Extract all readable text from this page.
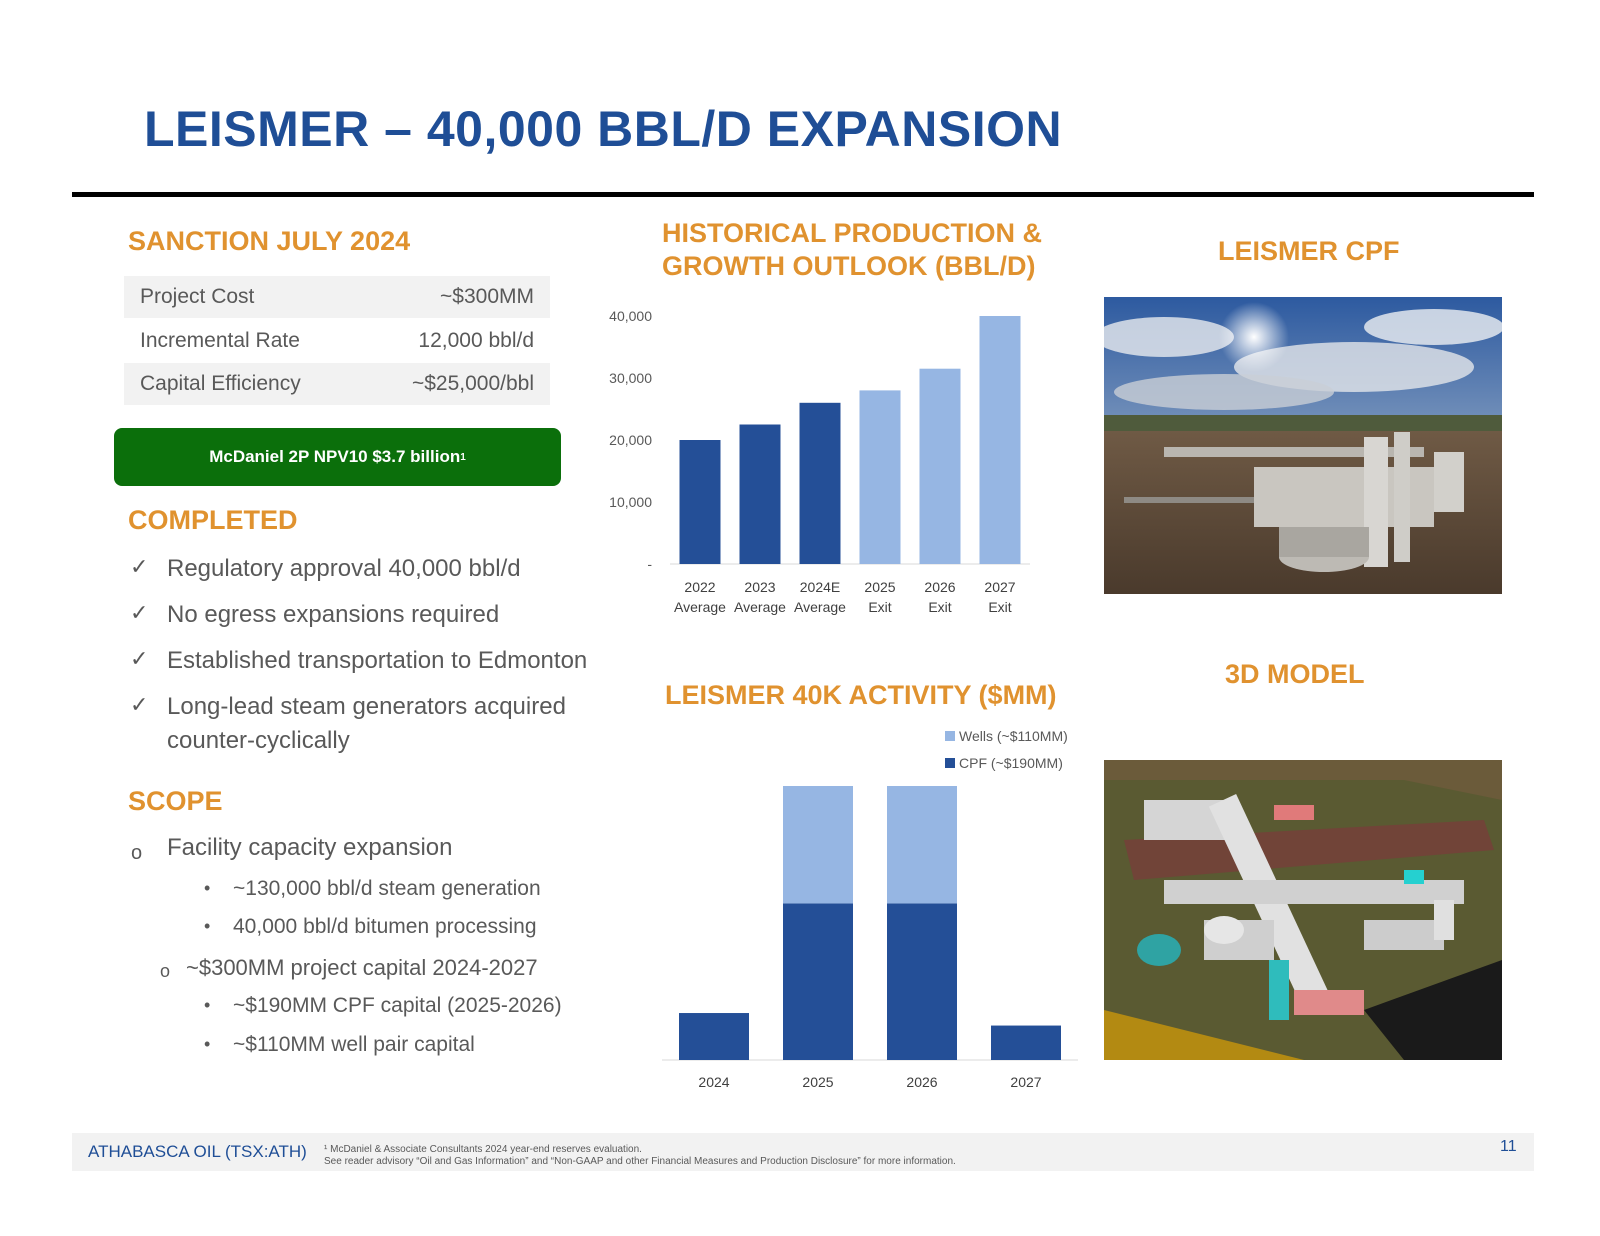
LEISMER – 40,000 BBL/D EXPANSION
SANCTION JULY 2024
Project Cost	~$300MM
Incremental Rate	12,000 bbl/d
Capital Efficiency	~$25,000/bbl
McDaniel 2P NPV10 $3.7 billion 1
COMPLETED
✓ Regulatory approval 40,000 bbl/d
✓ No egress expansions required
✓ Established transportation to Edmonton
✓ Long-lead steam generators acquired counter-cyclically
SCOPE
o Facility capacity expansion
• ~130,000 bbl/d steam generation
• 40,000 bbl/d bitumen processing
o ~$300MM project capital 2024-2027
• ~$190MM CPF capital (2025-2026)
• ~$110MM well pair capital
HISTORICAL PRODUCTION &
GROWTH OUTLOOK (BBL/D)
-
10,000
20,000
30,000
40,000
2022
Average
2023
Average
2024E
Average
2025
Exit
2026
Exit
2027
Exit
LEISMER 40K ACTIVITY ($MM)
Wells (~$110MM)
CPF (~$190MM)
2024	2025	2026	2027
LEISMER CPF
3D MODEL
ATHABASCA OIL (TSX:ATH) ¹ McDaniel & Associate Consultants 2024 year-end reserves evaluation.
See reader advisory “Oil and Gas Information” and “Non-GAAP and other Financial Measures and Production Disclosure” for more information.
11
